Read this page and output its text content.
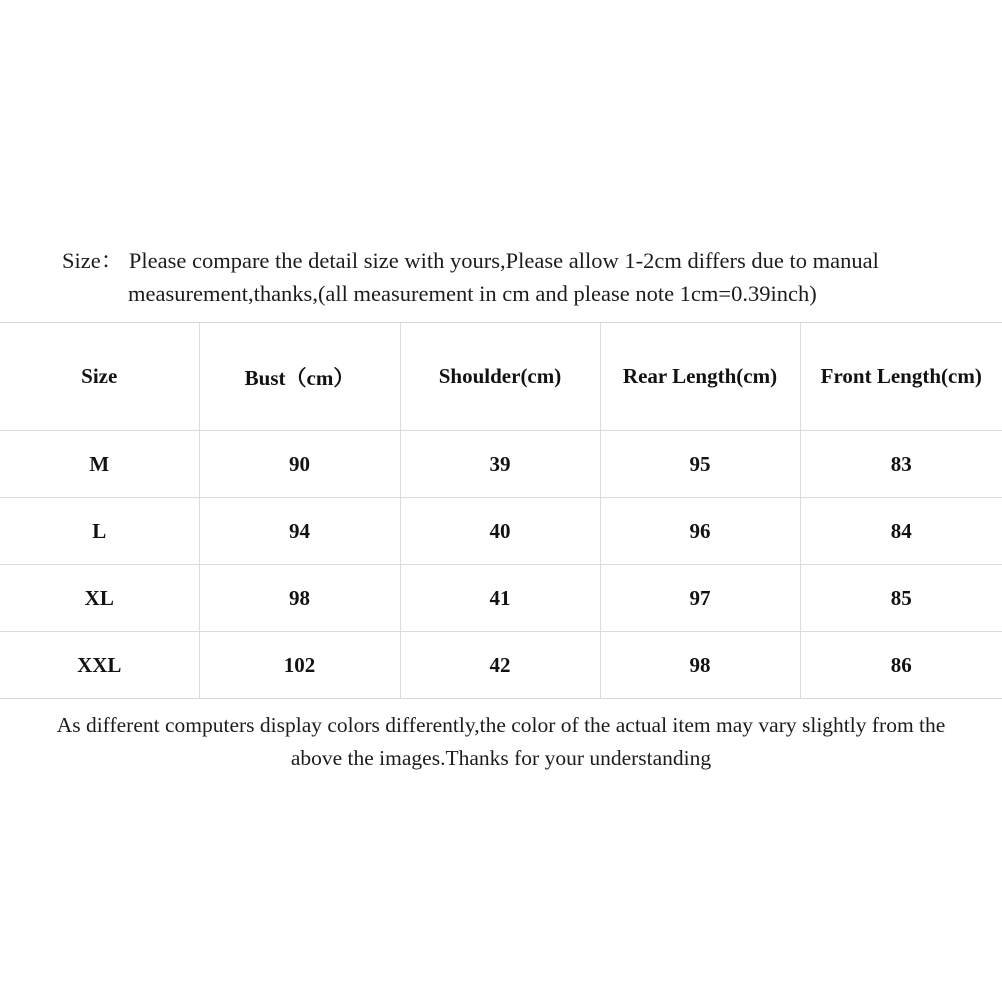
Size： Please compare the detail size with yours,Please allow 1-2cm differs due to manual
measurement,thanks,(all measurement in cm and please note 1cm=0.39inch)
Size	Bust（cm）	Shoulder(cm)	Rear Length(cm)	Front Length(cm)
M	90	39	95	83
L	94	40	96	84
XL	98	41	97	85
XXL	102	42	98	86
As different computers display colors differently,the color of the actual item may vary slightly from the
above the images.Thanks for your understanding
